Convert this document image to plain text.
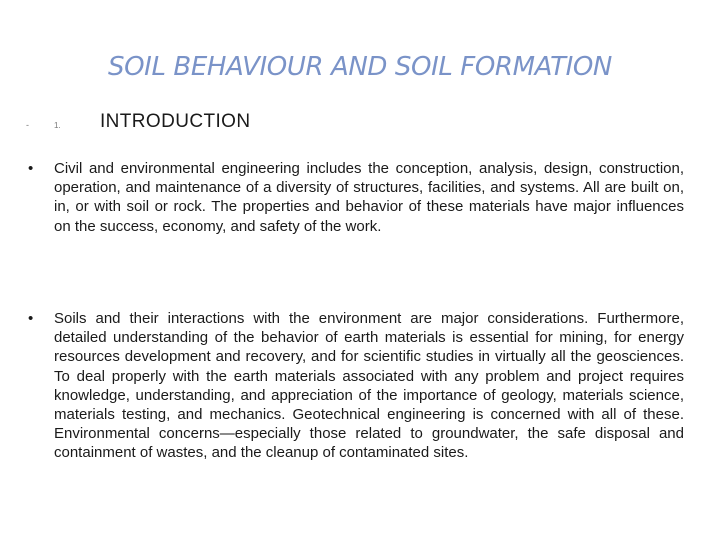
SOIL BEHAVIOUR AND SOIL FORMATION
-	1. INTRODUCTION
• Civil and environmental engineering includes the conception, analysis, design, construction, operation, and maintenance of a diversity of structures, facilities, and systems. All are built on, in, or with soil or rock. The properties and behavior of these materials have major influences on the success, economy, and safety of the work.
• Soils and their interactions with the environment are major considerations. Furthermore, detailed understanding of the behavior of earth materials is essential for mining, for energy resources development and recovery, and for scientific studies in virtually all the geosciences. To deal properly with the earth materials associated with any problem and project requires knowledge, understanding, and appreciation of the importance of geology, materials science, materials testing, and mechanics. Geotechnical engineering is concerned with all of these. Environmental concerns—especially those related to groundwater, the safe disposal and containment of wastes, and the cleanup of contaminated sites.
